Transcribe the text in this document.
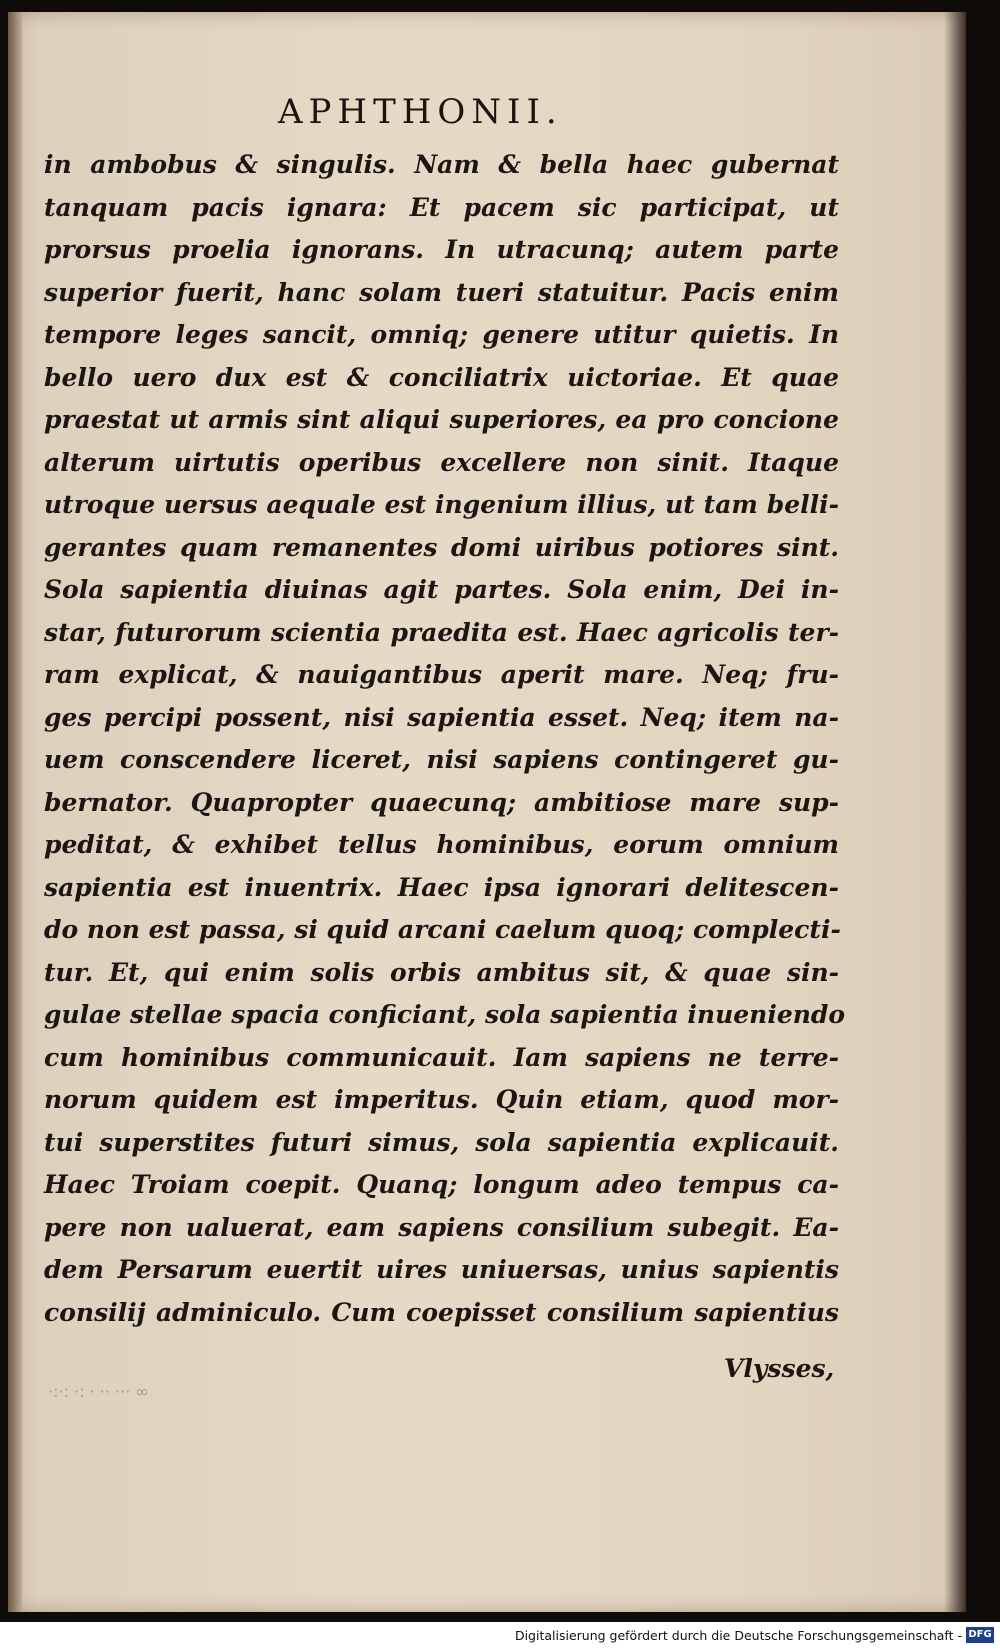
APHTHONII.
in ambobus & singulis. Nam & bella haec gubernat
tanquam pacis ignara: Et pacem sic participat, ut
prorsus proelia ignorans. In utracunq; autem parte
superior fuerit, hanc solam tueri statuitur. Pacis enim
tempore leges sancit, omniq; genere utitur quietis. In
bello uero dux est & conciliatrix uictoriae. Et quae
praestat ut armis sint aliqui superiores, ea pro concione
alterum uirtutis operibus excellere non sinit. Itaque
utroque uersus aequale est ingenium illius, ut tam belli-
gerantes quam remanentes domi uiribus potiores sint.
Sola sapientia diuinas agit partes. Sola enim, Dei in-
star, futurorum scientia praedita est. Haec agricolis ter-
ram explicat, & nauigantibus aperit mare. Neq; fru-
ges percipi possent, nisi sapientia esset. Neq; item na-
uem conscendere liceret, nisi sapiens contingeret gu-
bernator. Quapropter quaecunq; ambitiose mare sup-
peditat, & exhibet tellus hominibus, eorum omnium
sapientia est inuentrix. Haec ipsa ignorari delitescen-
do non est passa, si quid arcani caelum quoq; complecti-
tur. Et, qui enim solis orbis ambitus sit, & quae sin-
gulae stellae spacia conficiant, sola sapientia inueniendo
cum hominibus communicauit. Iam sapiens ne terre-
norum quidem est imperitus. Quin etiam, quod mor-
tui superstites futuri simus, sola sapientia explicauit.
Haec Troiam coepit. Quanq; longum adeo tempus ca-
pere non ualuerat, eam sapiens consilium subegit. Ea-
dem Persarum euertit uires uniuersas, unius sapientis
consilij adminiculo. Cum coepisset consilium sapientius
Vlysses,
·:·: ·: · ·· ··· ∞
Digitalisierung gefördert durch die Deutsche Forschungsgemeinschaft - DFG
